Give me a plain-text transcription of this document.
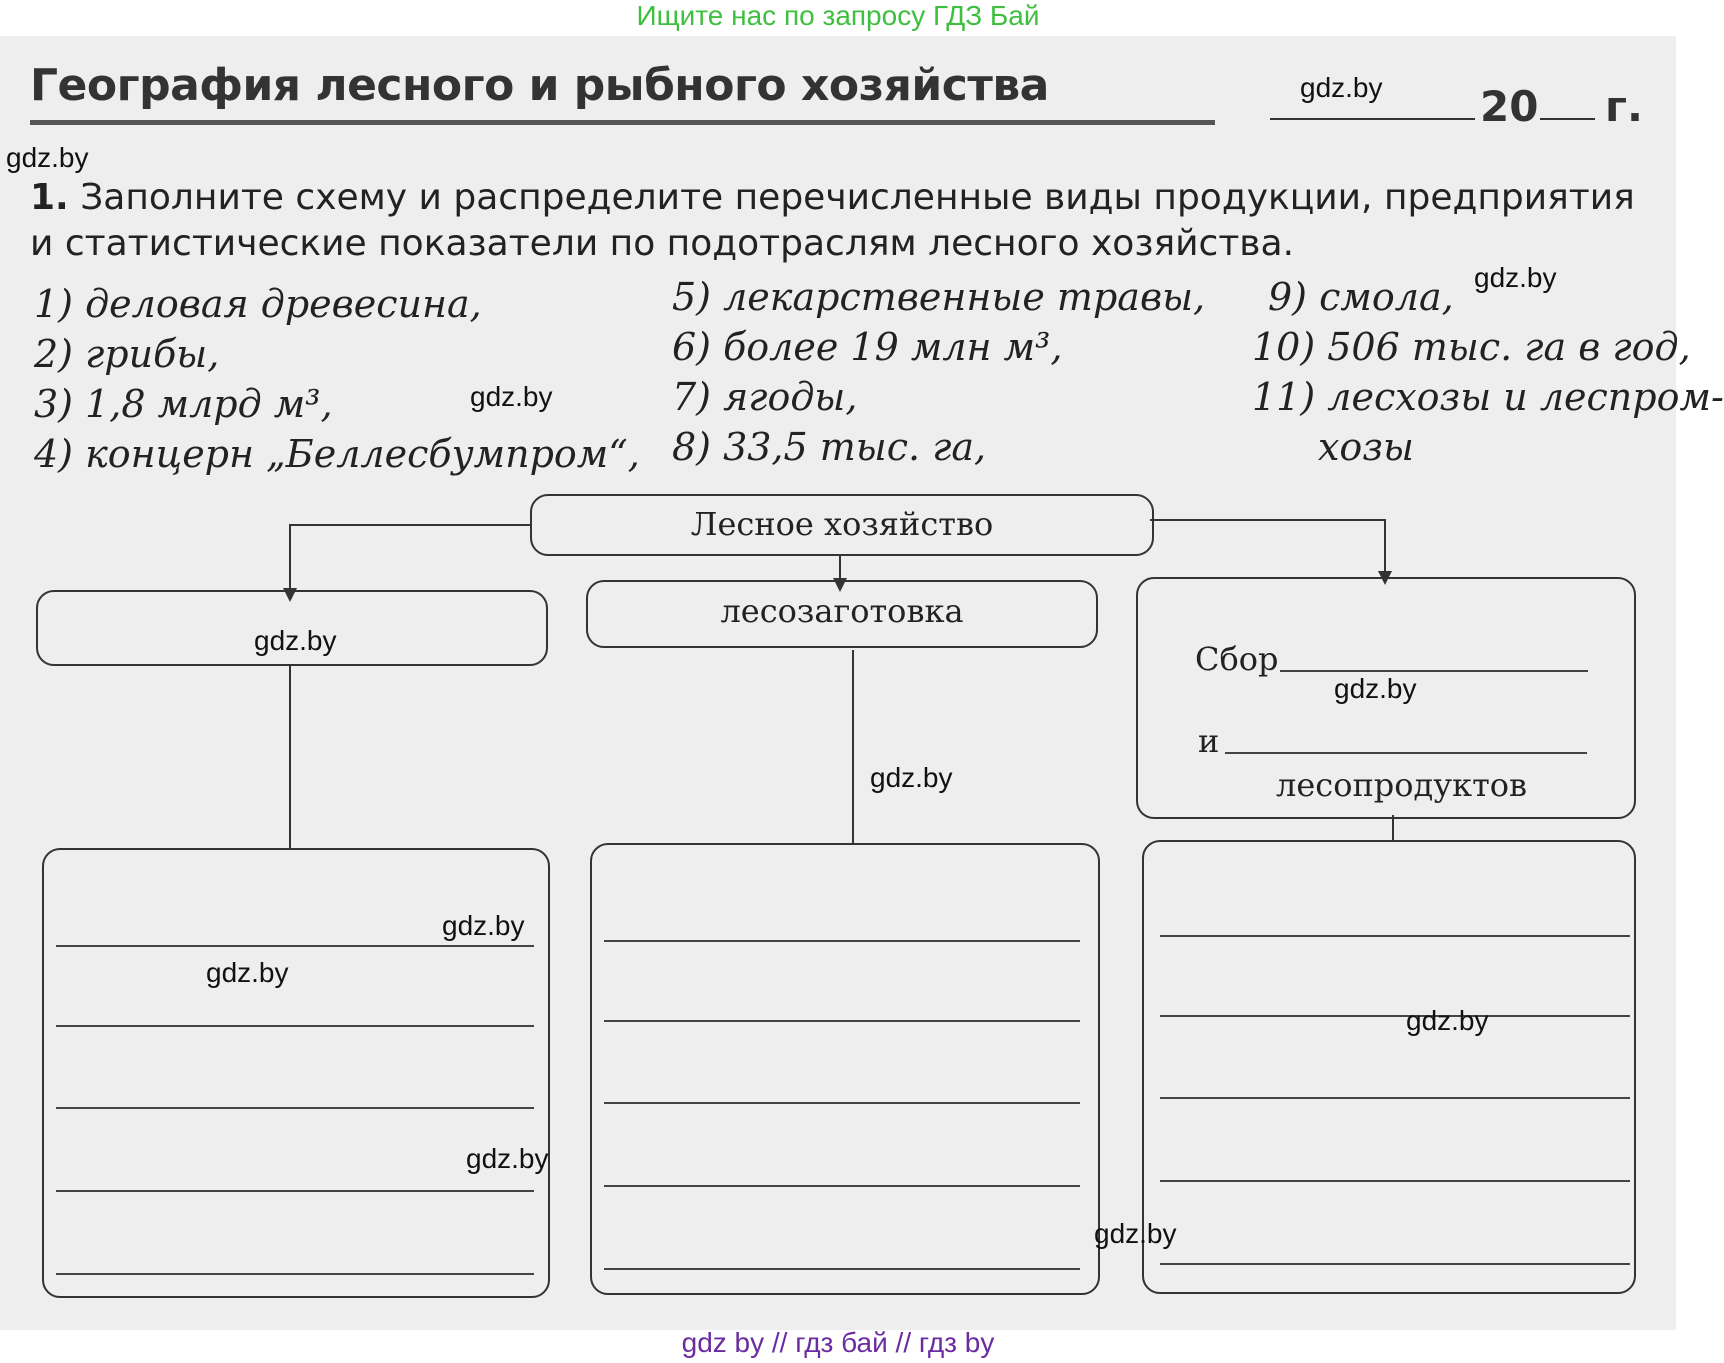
Ищите нас по запросу ГДЗ Бай
География лесного и рыбного хозяйства	20 г.
1. Заполните схему и распределите перечисленные виды продукции, предприятия и статистические показатели по подотраслям лесного хозяйства.
1) деловая древесина,
2) грибы,
3) 1,8 млрд м³,
4) концерн „Беллесбумпром“,
5) лекарственные травы,
6) более 19 млн м³,
7) ягоды,
8) 33,5 тыс. га,
9) смола,
10) 506 тыс. га в год,
11) лесхозы и леспром-
хозы
Лесное хозяйство
лесозаготовка
Сбор
и
лесопродуктов
gdz.by
gdz.by
gdz.by
gdz.by
gdz.by
gdz.by
gdz.by
gdz.by
gdz.by
gdz.by
gdz.by
gdz.by
gdz by // гдз бай // гдз by
